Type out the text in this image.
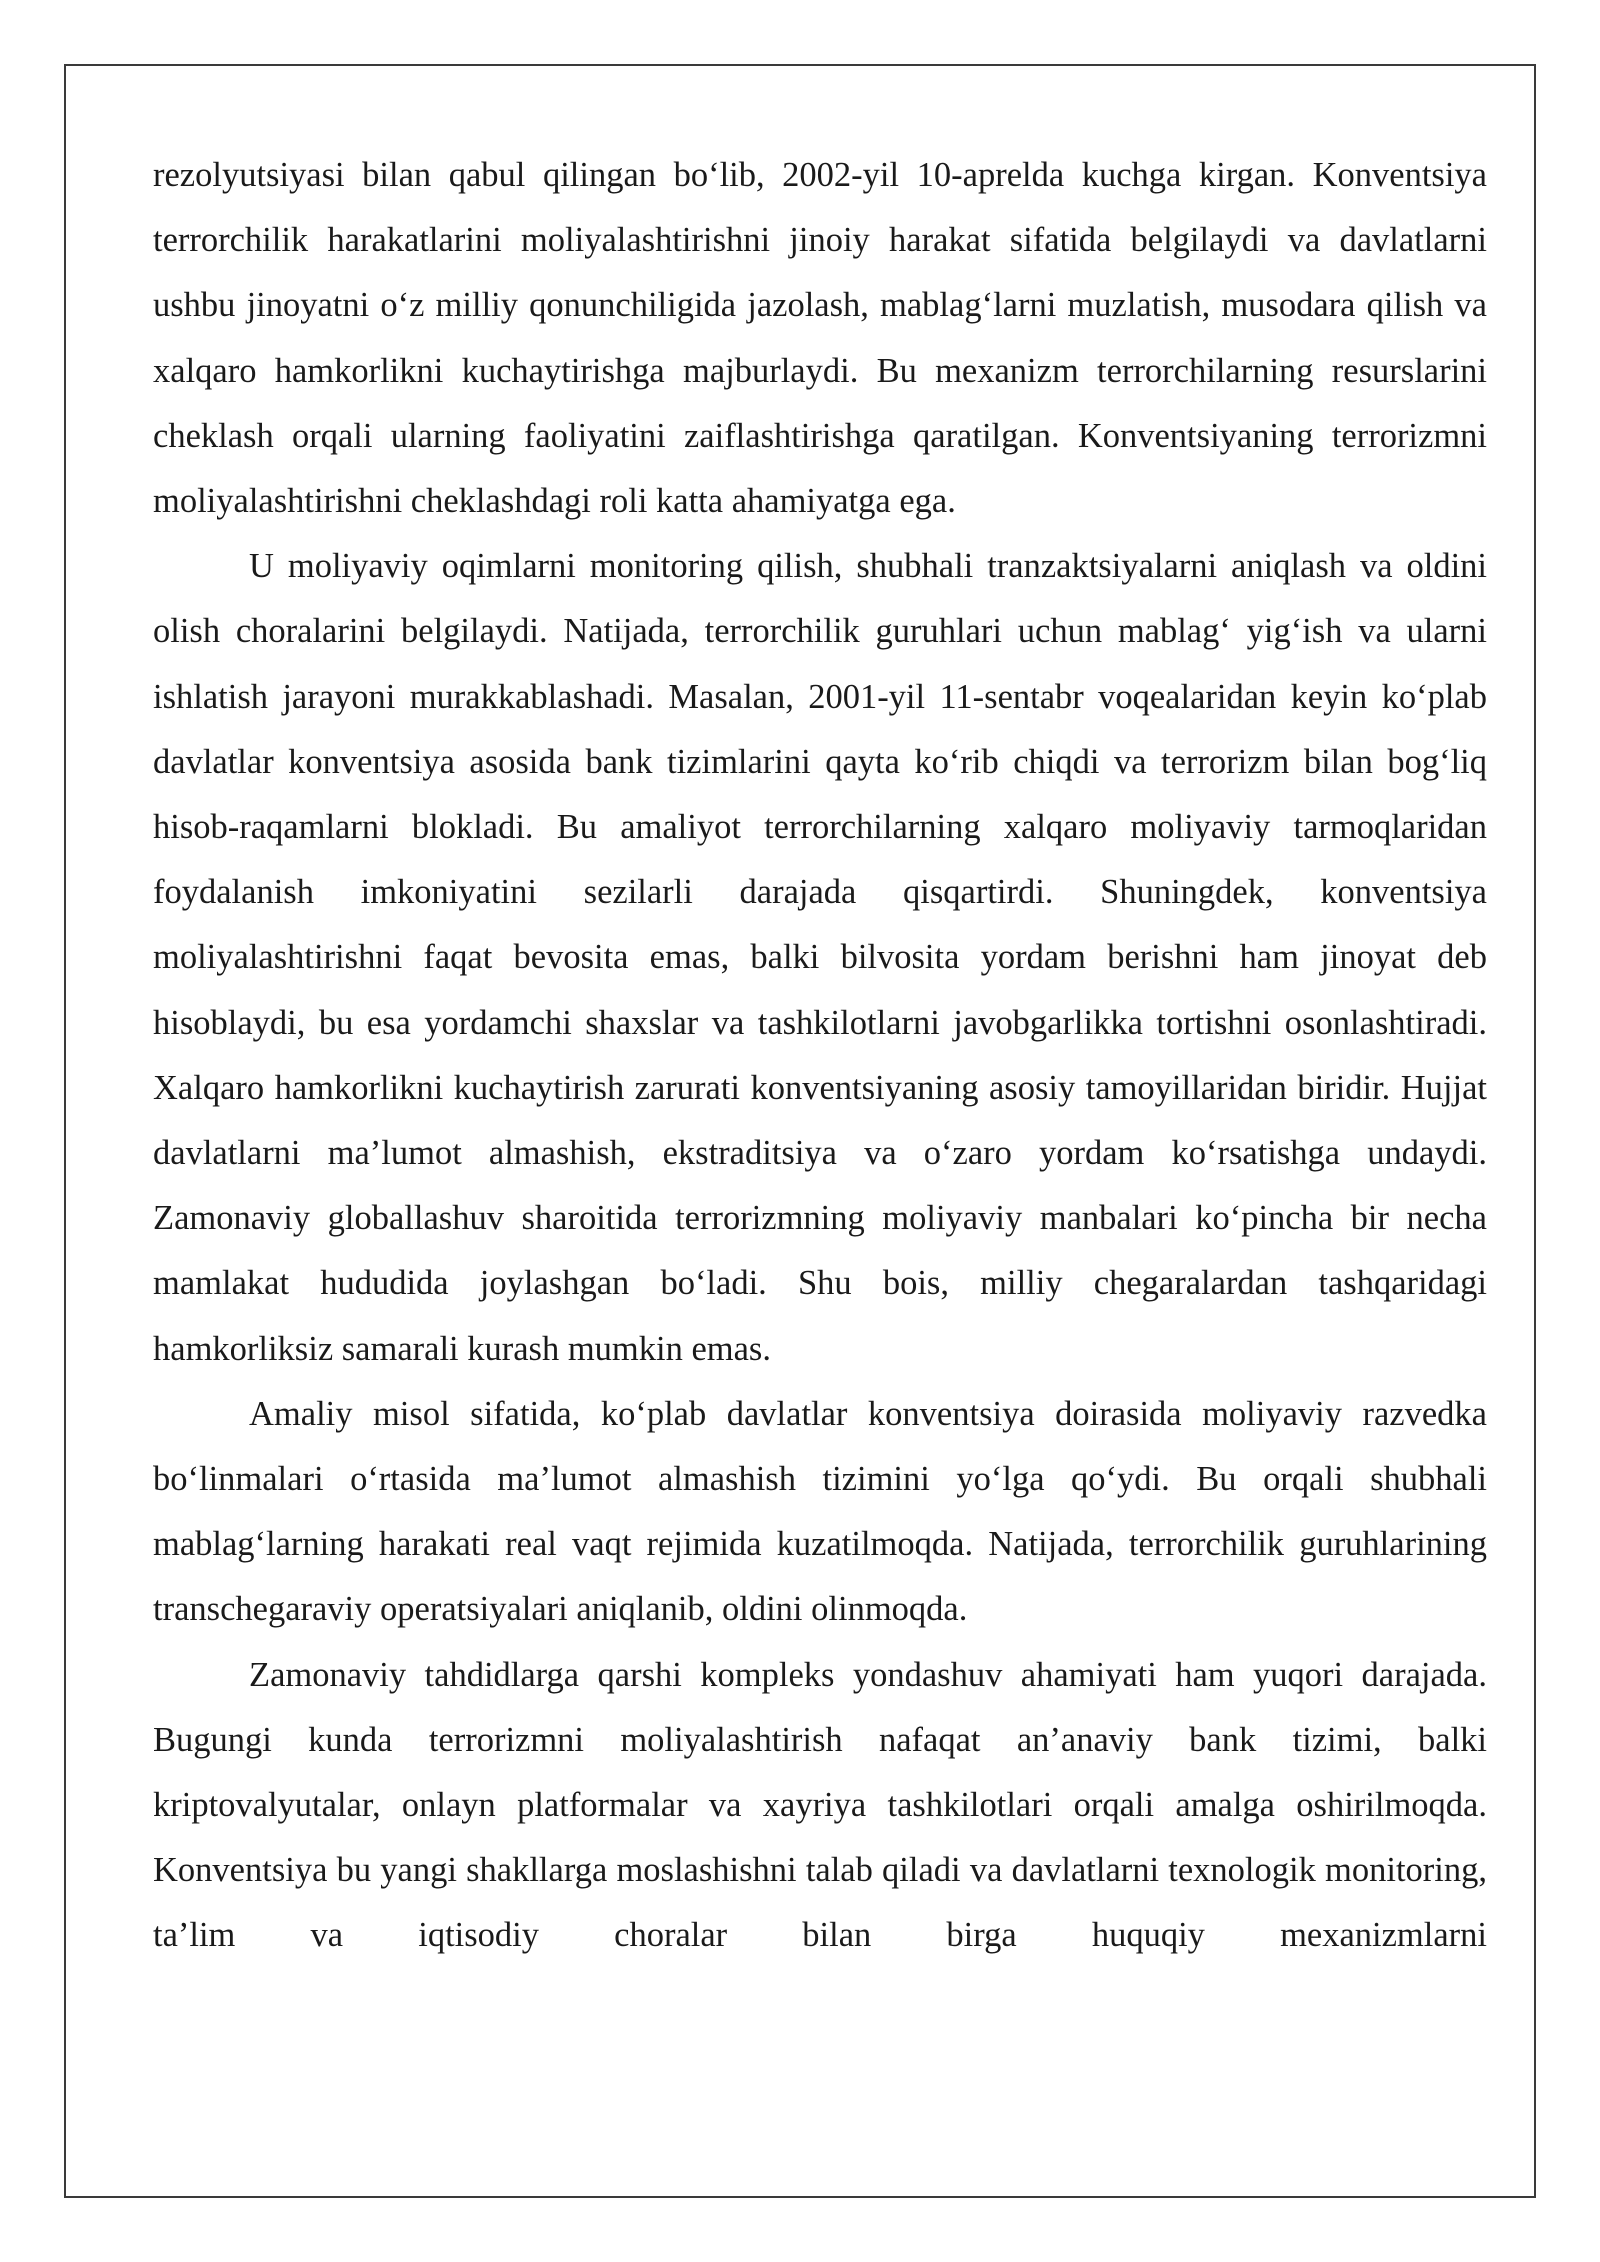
rezolyutsiyasi bilan qabul qilingan bo‘lib, 2002-yil 10-aprelda kuchga kirgan. Konventsiya terrorchilik harakatlarini moliyalashtirishni jinoiy harakat sifatida belgilaydi va davlatlarni ushbu jinoyatni o‘z milliy qonunchiligida jazolash, mablag‘larni muzlatish, musodara qilish va xalqaro hamkorlikni kuchaytirishga majburlaydi. Bu mexanizm terrorchilarning resurslarini cheklash orqali ularning faoliyatini zaiflashtirishga qaratilgan. Konventsiyaning terrorizmni moliyalashtirishni cheklashdagi roli katta ahamiyatga ega.

U moliyaviy oqimlarni monitoring qilish, shubhali tranzaktsiyalarni aniqlash va oldini olish choralarini belgilaydi. Natijada, terrorchilik guruhlari uchun mablag‘ yig‘ish va ularni ishlatish jarayoni murakkablashadi. Masalan, 2001-yil 11-sentabr voqealaridan keyin ko‘plab davlatlar konventsiya asosida bank tizimlarini qayta ko‘rib chiqdi va terrorizm bilan bog‘liq hisob-raqamlarni blokladi. Bu amaliyot terrorchilarning xalqaro moliyaviy tarmoqlaridan foydalanish imkoniyatini sezilarli darajada qisqartirdi. Shuningdek, konventsiya moliyalashtirishni faqat bevosita emas, balki bilvosita yordam berishni ham jinoyat deb hisoblaydi, bu esa yordamchi shaxslar va tashkilotlarni javobgarlikka tortishni osonlashtiradi. Xalqaro hamkorlikni kuchaytirish zarurati konventsiyaning asosiy tamoyillaridan biridir. Hujjat davlatlarni ma’lumot almashish, ekstraditsiya va o‘zaro yordam ko‘rsatishga undaydi. Zamonaviy globallashuv sharoitida terrorizmning moliyaviy manbalari ko‘pincha bir necha mamlakat hududida joylashgan bo‘ladi. Shu bois, milliy chegaralardan tashqaridagi hamkorliksiz samarali kurash mumkin emas.

Amaliy misol sifatida, ko‘plab davlatlar konventsiya doirasida moliyaviy razvedka bo‘linmalari o‘rtasida ma’lumot almashish tizimini yo‘lga qo‘ydi. Bu orqali shubhali mablag‘larning harakati real vaqt rejimida kuzatilmoqda. Natijada, terrorchilik guruhlarining transchegaraviy operatsiyalari aniqlanib, oldini olinmoqda.

Zamonaviy tahdidlarga qarshi kompleks yondashuv ahamiyati ham yuqori darajada. Bugungi kunda terrorizmni moliyalashtirish nafaqat an’anaviy bank tizimi, balki kriptovalyutalar, onlayn platformalar va xayriya tashkilotlari orqali amalga oshirilmoqda. Konventsiya bu yangi shakllarga moslashishni talab qiladi va davlatlarni texnologik monitoring, ta’lim va iqtisodiy choralar bilan birga huquqiy mexanizmlarni
